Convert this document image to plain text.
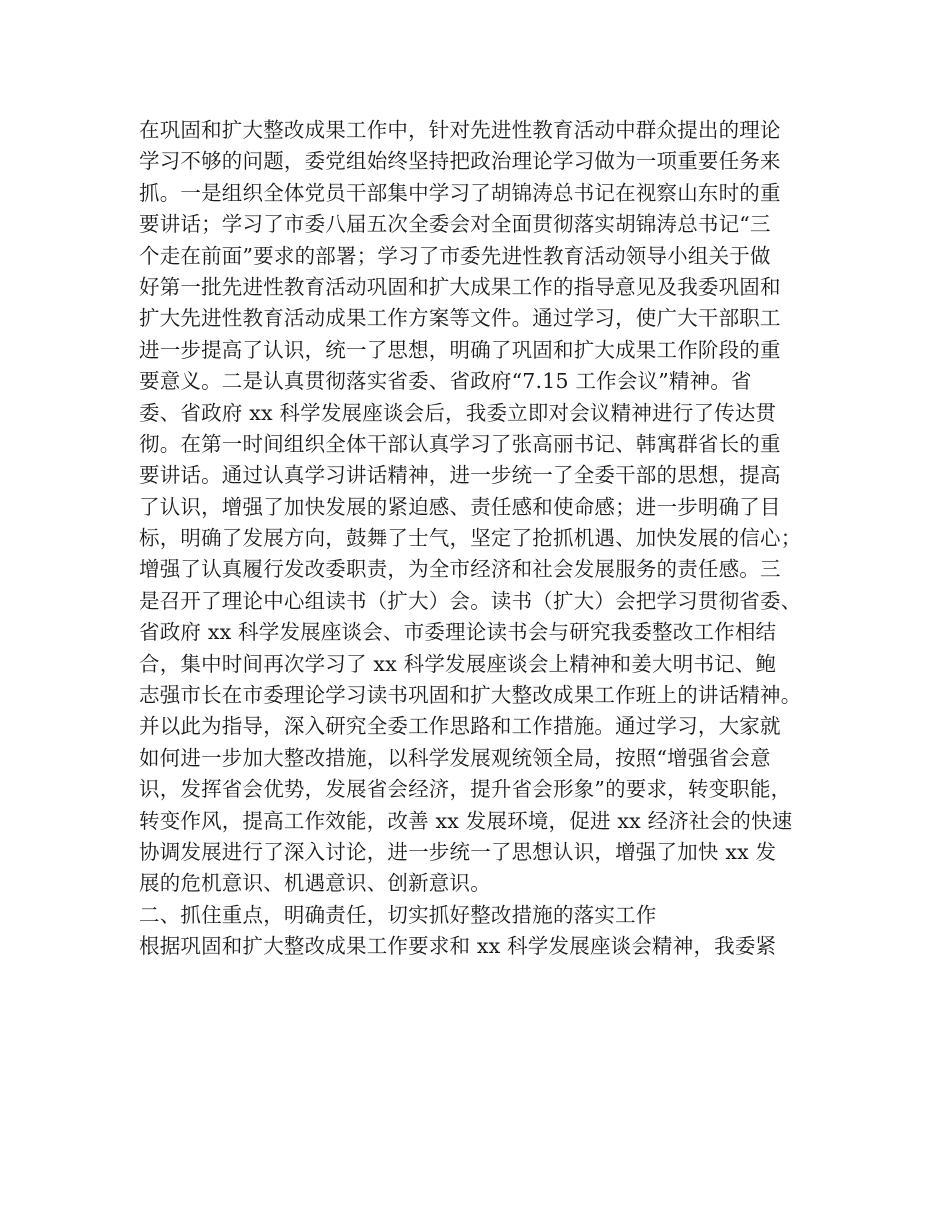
在巩固和扩大整改成果工作中，针对先进性教育活动中群众提出的理论
学习不够的问题，委党组始终坚持把政治理论学习做为一项重要任务来
抓。一是组织全体党员干部集中学习了胡锦涛总书记在视察山东时的重
要讲话；学习了市委八届五次全委会对全面贯彻落实胡锦涛总书记“三
个走在前面”要求的部署；学习了市委先进性教育活动领导小组关于做
好第一批先进性教育活动巩固和扩大成果工作的指导意见及我委巩固和
扩大先进性教育活动成果工作方案等文件。通过学习，使广大干部职工
进一步提高了认识，统一了思想，明确了巩固和扩大成果工作阶段的重
要意义。二是认真贯彻落实省委、省政府“7.15 工作会议”精神。省
委、省政府 xx 科学发展座谈会后，我委立即对会议精神进行了传达贯
彻。在第一时间组织全体干部认真学习了张高丽书记、韩寓群省长的重
要讲话。通过认真学习讲话精神，进一步统一了全委干部的思想，提高
了认识，增强了加快发展的紧迫感、责任感和使命感；进一步明确了目
标，明确了发展方向，鼓舞了士气，坚定了抢抓机遇、加快发展的信心；
增强了认真履行发改委职责，为全市经济和社会发展服务的责任感。三
是召开了理论中心组读书（扩大）会。读书（扩大）会把学习贯彻省委、
省政府 xx 科学发展座谈会、市委理论读书会与研究我委整改工作相结
合，集中时间再次学习了 xx 科学发展座谈会上精神和姜大明书记、鲍
志强市长在市委理论学习读书巩固和扩大整改成果工作班上的讲话精神。
并以此为指导，深入研究全委工作思路和工作措施。通过学习，大家就
如何进一步加大整改措施，以科学发展观统领全局，按照“增强省会意
识，发挥省会优势，发展省会经济，提升省会形象”的要求，转变职能，
转变作风，提高工作效能，改善 xx 发展环境，促进 xx 经济社会的快速
协调发展进行了深入讨论，进一步统一了思想认识，增强了加快 xx 发
展的危机意识、机遇意识、创新意识。
二、抓住重点，明确责任，切实抓好整改措施的落实工作
根据巩固和扩大整改成果工作要求和 xx 科学发展座谈会精神，我委紧
